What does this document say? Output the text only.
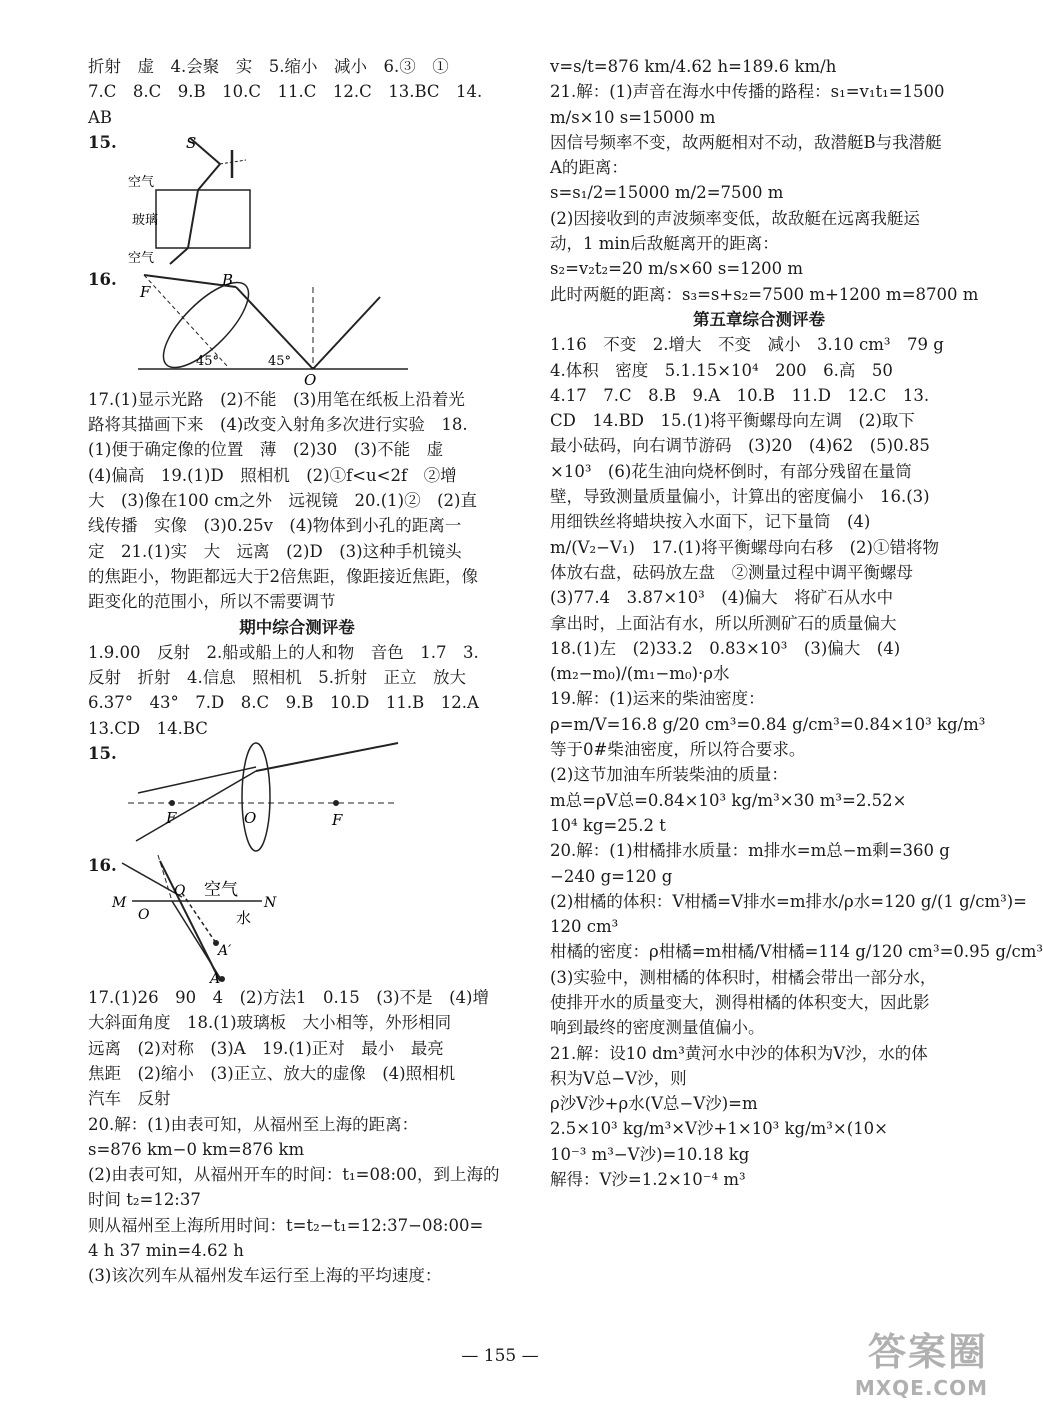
折射　虚　4.会聚　实　5.缩小　减小　6.③　①
7.C　8.C　9.B　10.C　11.C　12.C　13.BC　14.
AB
15.	S
空气
玻璃
空气
16.
F
B
45°	45°
O
17.(1)显示光路　(2)不能　(3)用笔在纸板上沿着光
路将其描画下来　(4)改变入射角多次进行实验　18.
(1)便于确定像的位置　薄　(2)30　(3)不能　虚
(4)偏高　19.(1)D　照相机　(2)①f<u<2f　②增
大　(3)像在100 cm之外　远视镜　20.(1)②　(2)直
线传播　实像　(3)0.25v　(4)物体到小孔的距离一
定　21.(1)实　大　远离　(2)D　(3)这种手机镜头
的焦距小，物距都远大于2倍焦距，像距接近焦距，像
距变化的范围小，所以不需要调节
期中综合测评卷
1.9.00　反射　2.船或船上的人和物　音色　1.7　3.
反射　折射　4.信息　照相机　5.折射　正立　放大
6.37°　43°　7.D　8.C　9.B　10.D　11.B　12.A
13.CD　14.BC
15.
F	O	F
16.
空气
水
M	N
O
O
A′
A
17.(1)26　90　4　(2)方法1　0.15　(3)不是　(4)增
大斜面角度　18.(1)玻璃板　大小相等，外形相同
远离　(2)对称　(3)A　19.(1)正对　最小　最亮
焦距　(2)缩小　(3)正立、放大的虚像　(4)照相机
汽车　反射
20.解：(1)由表可知，从福州至上海的距离：
s=876 km−0 km=876 km
(2)由表可知，从福州开车的时间：t₁=08:00，到上海的
时间 t₂=12:37
则从福州至上海所用时间：t=t₂−t₁=12:37−08:00=
4 h 37 min=4.62 h
(3)该次列车从福州发车运行至上海的平均速度：
v=s/t=876 km/4.62 h=189.6 km/h
21.解：(1)声音在海水中传播的路程：s₁=v₁t₁=1500
m/s×10 s=15000 m
因信号频率不变，故两艇相对不动，敌潜艇B与我潜艇
A的距离：
s=s₁/2=15000 m/2=7500 m
(2)因接收到的声波频率变低，故敌艇在远离我艇运
动，1 min后敌艇离开的距离：
s₂=v₂t₂=20 m/s×60 s=1200 m
此时两艇的距离：s₃=s+s₂=7500 m+1200 m=8700 m
第五章综合测评卷
1.16　不变　2.增大　不变　减小　3.10 cm³　79 g
4.体积　密度　5.1.15×10⁴　200　6.高　50
4.17　7.C　8.B　9.A　10.B　11.D　12.C　13.
CD　14.BD　15.(1)将平衡螺母向左调　(2)取下
最小砝码，向右调节游码　(3)20　(4)62　(5)0.85
×10³　(6)花生油向烧杯倒时，有部分残留在量筒
壁，导致测量质量偏小，计算出的密度偏小　16.(3)
用细铁丝将蜡块按入水面下，记下量筒　(4)
m/(V₂−V₁)　17.(1)将平衡螺母向右移　(2)①错将物
体放右盘，砝码放左盘　②测量过程中调平衡螺母
(3)77.4　3.87×10³　(4)偏大　将矿石从水中
拿出时，上面沾有水，所以所测矿石的质量偏大
18.(1)左　(2)33.2　0.83×10³　(3)偏大　(4)
(m₂−m₀)/(m₁−m₀)·ρ水
19.解：(1)运来的柴油密度：
ρ=m/V=16.8 g/20 cm³=0.84 g/cm³=0.84×10³ kg/m³
等于0#柴油密度，所以符合要求。
(2)这节加油车所装柴油的质量：
m总=ρV总=0.84×10³ kg/m³×30 m³=2.52×
10⁴ kg=25.2 t
20.解：(1)柑橘排水质量：m排水=m总−m剩=360 g
−240 g=120 g
(2)柑橘的体积：V柑橘=V排水=m排水/ρ水=120 g/(1 g/cm³)=
120 cm³
柑橘的密度：ρ柑橘=m柑橘/V柑橘=114 g/120 cm³=0.95 g/cm³
(3)实验中，测柑橘的体积时，柑橘会带出一部分水，
使排开水的质量变大，测得柑橘的体积变大，因此影
响到最终的密度测量值偏小。
21.解：设10 dm³黄河水中沙的体积为V沙，水的体
积为V总−V沙，则
ρ沙V沙+ρ水(V总−V沙)=m
2.5×10³ kg/m³×V沙+1×10³ kg/m³×(10×
10⁻³ m³−V沙)=10.18 kg
解得：V沙=1.2×10⁻⁴ m³
— 155 —	答案圈
MXQE.COM
